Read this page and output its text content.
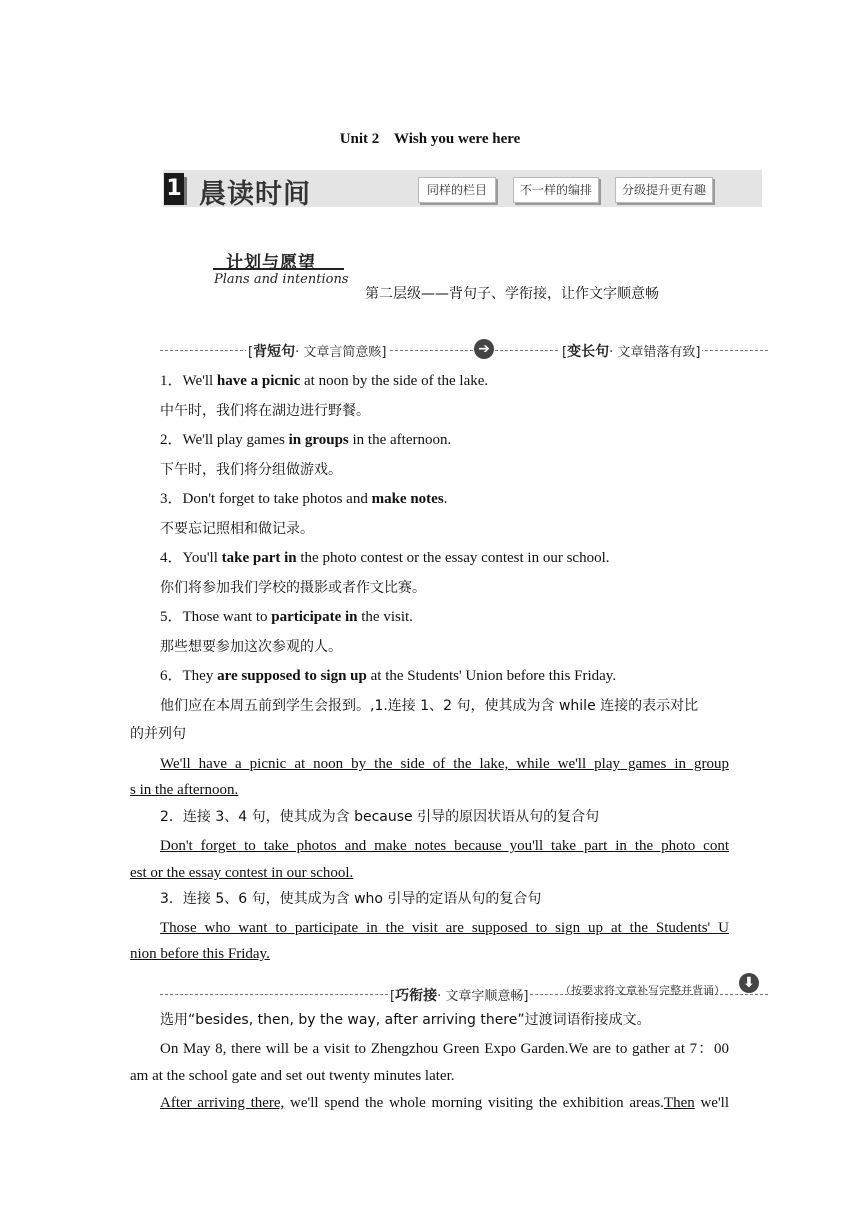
Unit 2    Wish you were here
1 晨读时间	同样的栏目	不一样的编排	分级提升更有趣
计划与愿望
Plans and intentions
第二层级——背句子、学衔接，让作文字顺意畅
[背短句· 文章言简意赅]	➔	[变长句· 文章错落有致]
1．We'll have a picnic at noon by the side of the lake.
中午时，我们将在湖边进行野餐。
2．We'll play games in groups in the afternoon.
下午时，我们将分组做游戏。
3．Don't forget to take photos and make notes.
不要忘记照相和做记录。
4．You'll take part in the photo contest or the essay contest in our school.
你们将参加我们学校的摄影或者作文比赛。
5．Those want to participate in the visit.
那些想要参加这次参观的人。
6．They are supposed to sign up at the Students' Union before this Friday.
他们应在本周五前到学生会报到。,1.连接 1、2 句，使其成为含 while 连接的表示对比
的并列句
We'll have a picnic at noon by the side of the lake, while we'll play games in group
s in the afternoon.
2．连接 3、4 句，使其成为含 because 引导的原因状语从句的复合句
Don't forget to take photos and make notes because you'll take part in the photo cont
est or the essay contest in our school.
3．连接 5、6 句，使其成为含 who 引导的定语从句的复合句
Those who want to participate in the visit are supposed to sign up at the Students' U
nion before this Friday.
[巧衔接· 文章字顺意畅]	（按要求将文章补写完整并背诵） ⬇
选用“besides, then, by the way, after arriving there”过渡词语衔接成文。
On May 8, there will be a visit to Zhengzhou Green Expo Garden.We are to gather at 7：00
am at the school gate and set out twenty minutes later.
After arriving there, we'll spend the whole morning visiting the exhibition areas.Then we'll
